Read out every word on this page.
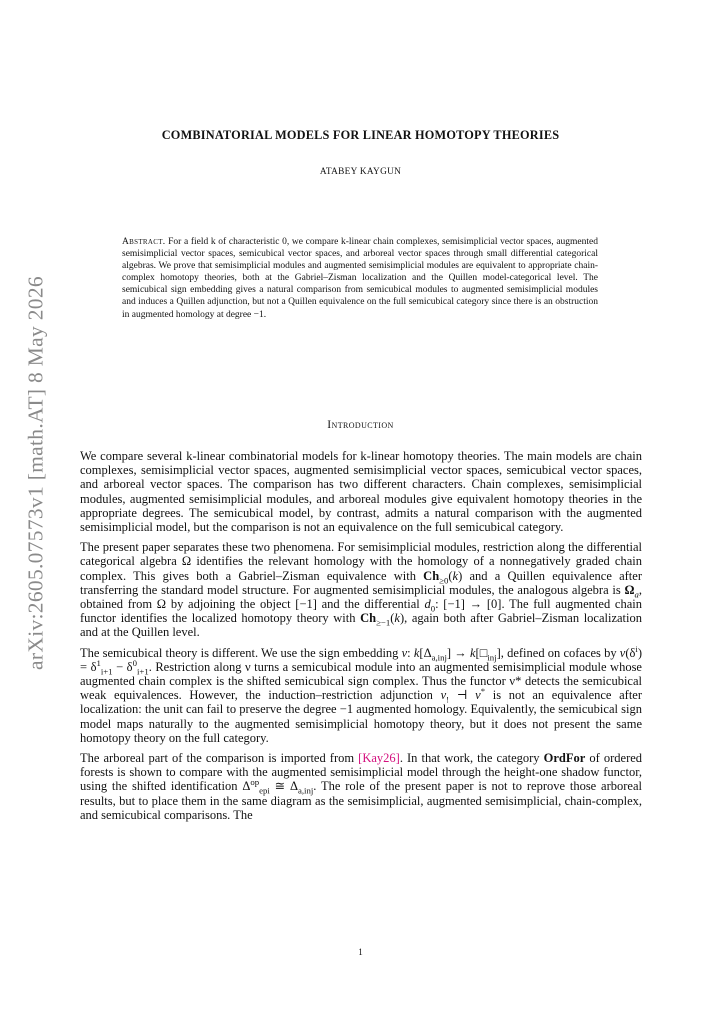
arXiv:2605.07573v1 [math.AT] 8 May 2026
COMBINATORIAL MODELS FOR LINEAR HOMOTOPY THEORIES
ATABEY KAYGUN
Abstract. For a field k of characteristic 0, we compare k-linear chain complexes, semisimplicial vector spaces, augmented semisimplicial vector spaces, semicubical vector spaces, and arboreal vector spaces through small differential categorical algebras. We prove that semisimplicial modules and augmented semisimplicial modules are equivalent to appropriate chain-complex homotopy theories, both at the Gabriel–Zisman localization and the Quillen model-categorical level. The semicubical sign embedding gives a natural comparison from semicubical modules to augmented semisimplicial modules and induces a Quillen adjunction, but not a Quillen equivalence on the full semicubical category since there is an obstruction in augmented homology at degree −1.
Introduction

We compare several k-linear combinatorial models for k-linear homotopy theories. The main models are chain complexes, semisimplicial vector spaces, augmented semisimplicial vector spaces, semicubical vector spaces, and arboreal vector spaces. The comparison has two different characters. Chain complexes, semisimplicial modules, augmented semisimplicial modules, and arboreal modules give equivalent homotopy theories in the appropriate degrees. The semicubical model, by contrast, admits a natural comparison with the augmented semisimplicial model, but the comparison is not an equivalence on the full semicubical category.

The present paper separates these two phenomena. For semisimplicial modules, restriction along the differential categorical algebra Ω identifies the relevant homology with the homology of a nonnegatively graded chain complex. This gives both a Gabriel–Zisman equivalence with $Ch_{\ge 0}(k)$ and a Quillen equivalence after transferring the standard model structure. For augmented semisimplicial modules, the analogous algebra is $\Omega_a$, obtained from Ω by adjoining the object [−1] and the differential $d_0$: [−1] → [0]. The full augmented chain functor identifies the localized homotopy theory with $Ch_{\ge-1}(k)$, again both after Gabriel–Zisman localization and at the Quillen level.

The semicubical theory is different. We use the sign embedding ν: $k[\Delta_{a,inj}]$ → $k[□_{inj}]$, defined on cofaces by $\nu(\delta^i) = \delta^1_{i+1} - \delta^0_{i+1}$. Restriction along ν turns a semicubical module into an augmented semisimplicial module whose augmented chain complex is the shifted semicubical sign complex. Thus the functor ν* detects the semicubical weak equivalences. However, the induction–restriction adjunction $\nu_!$ ⊣ ν* is not an equivalence after localization: the unit can fail to preserve the degree −1 augmented homology. Equivalently, the semicubical sign model maps naturally to the augmented semisimplicial homotopy theory, but it does not present the same homotopy theory on the full category.

The arboreal part of the comparison is imported from [Kay26]. In that work, the category OrdFor of ordered forests is shown to compare with the augmented semisimplicial model through the height-one shadow functor, using the shifted identification $\Delta^{op}_{epi}$ ≅ $\Delta_{a,inj}$. The role of the present paper is not to reprove those arboreal results, but to place them in the same diagram as the semisimplicial, augmented semisimplicial, chain-complex, and semicubical comparisons. The

1
